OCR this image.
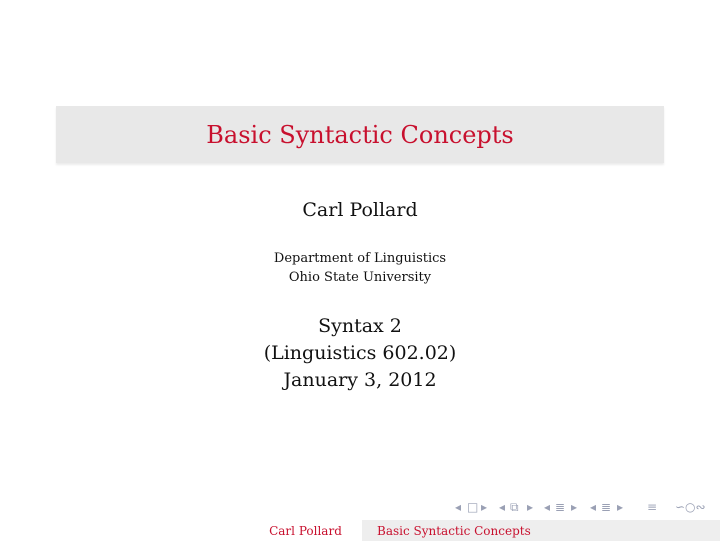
Basic Syntactic Concepts
Carl Pollard
Department of Linguistics
Ohio State University
Syntax 2
(Linguistics 602.02)
January 3, 2012
◂ □ ▸ ◂ ⧉ ▸ ◂ ≣ ▸ ◂ ≣ ▸ ≡ ∽○∾
Carl Pollard	Basic Syntactic Concepts
